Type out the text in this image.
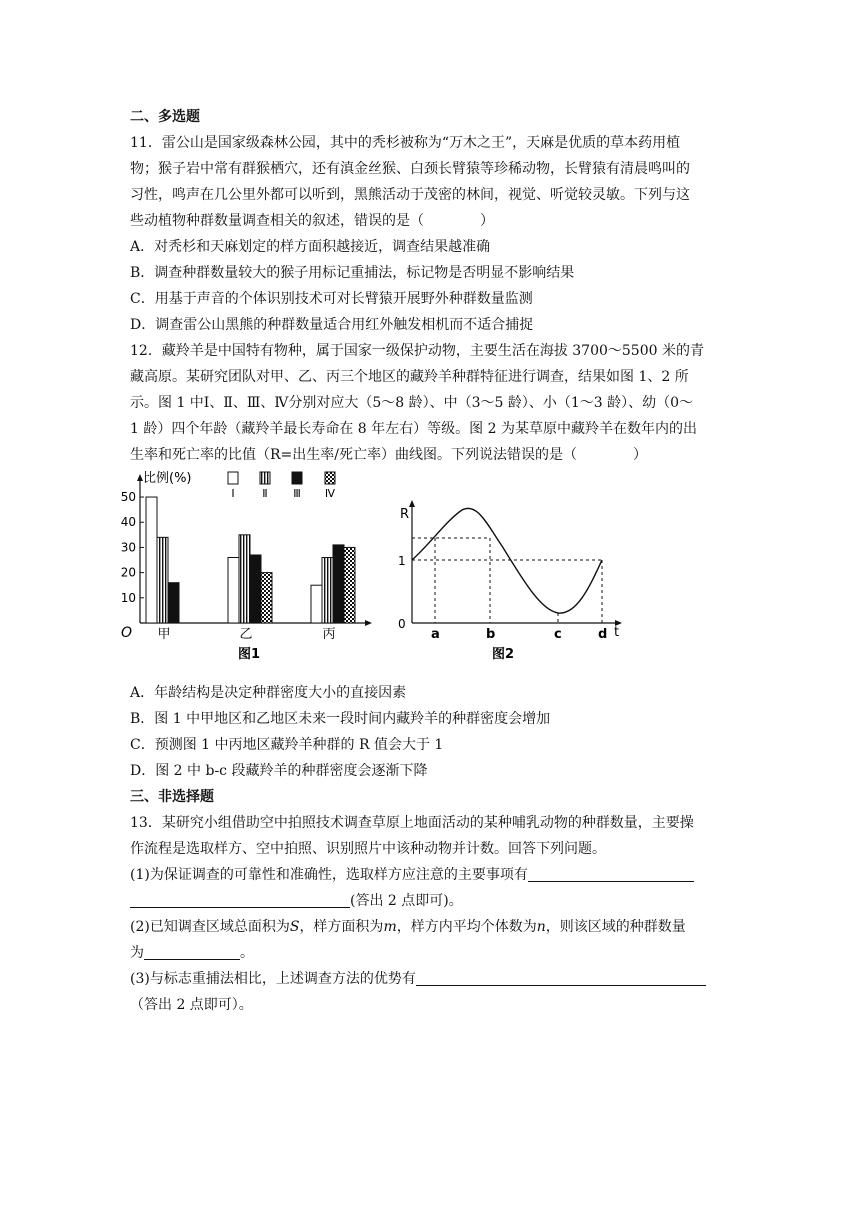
二、多选题
11．雷公山是国家级森林公园，其中的秃杉被称为“万木之王”，天麻是优质的草本药用植
物；猴子岩中常有群猴栖穴，还有滇金丝猴、白颈长臂猿等珍稀动物，长臂猿有清晨鸣叫的
习性，鸣声在几公里外都可以听到，黑熊活动于茂密的林间，视觉、听觉较灵敏。下列与这
些动植物种群数量调查相关的叙述，错误的是（　　　　）
A．对秃杉和天麻划定的样方面积越接近，调查结果越准确
B．调查种群数量较大的猴子用标记重捕法，标记物是否明显不影响结果
C．用基于声音的个体识别技术可对长臂猿开展野外种群数量监测
D．调查雷公山黑熊的种群数量适合用红外触发相机而不适合捕捉
12．藏羚羊是中国特有物种，属于国家一级保护动物，主要生活在海拔 3700～5500 米的青
藏高原。某研究团队对甲、乙、丙三个地区的藏羚羊种群特征进行调查，结果如图 1、2 所
示。图 1 中Ⅰ、Ⅱ、Ⅲ、Ⅳ分别对应大（5～8 龄）、中（3～5 龄）、小（1～3 龄）、幼（0～
1 龄）四个年龄（藏羚羊最长寿命在 8 年左右）等级。图 2 为某草原中藏羚羊在数年内的出
生率和死亡率的比值（R=出生率/死亡率）曲线图。下列说法错误的是（　　　　）
比例(%)
O
10
20
30
40
50
甲	乙	丙
Ⅰ	Ⅱ Ⅲ Ⅳ
图1
R
t
0
1
a	b	c	d
图2
A．年龄结构是决定种群密度大小的直接因素
B．图 1 中甲地区和乙地区未来一段时间内藏羚羊的种群密度会增加
C．预测图 1 中丙地区藏羚羊种群的 R 值会大于 1
D．图 2 中 b-c 段藏羚羊的种群密度会逐渐下降
三、非选择题
13．某研究小组借助空中拍照技术调查草原上地面活动的某种哺乳动物的种群数量，主要操
作流程是选取样方、空中拍照、识别照片中该种动物并计数。回答下列问题。
(1)为保证调查的可靠性和准确性，选取样方应注意的主要事项有
(答出 2 点即可)。
(2)已知调查区域总面积为S，样方面积为m，样方内平均个体数为n，则该区域的种群数量
为	。
(3)与标志重捕法相比，上述调查方法的优势有
（答出 2 点即可）。
